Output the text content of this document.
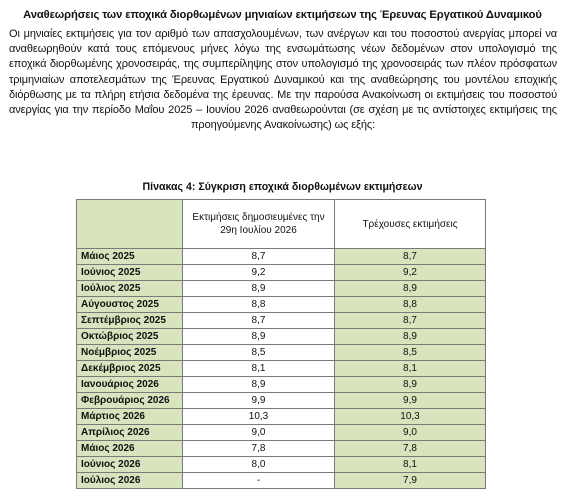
Αναθεωρήσεις των εποχικά διορθωμένων μηνιαίων εκτιμήσεων της Έρευνας Εργατικού Δυναμικού
Οι μηνιαίες εκτιμήσεις για τον αριθμό των απασχολουμένων, των ανέργων και του ποσοστού ανεργίας μπορεί να αναθεωρηθούν κατά τους επόμενους μήνες λόγω της ενσωμάτωσης νέων δεδομένων στον υπολογισμό της εποχικά διορθωμένης χρονοσειράς, της συμπερίληψης στον υπολογισμό της χρονοσειράς των πλέον πρόσφατων τριμηνιαίων αποτελεσμάτων της Έρευνας Εργατικού Δυναμικού και της αναθεώρησης του μοντέλου εποχικής διόρθωσης με τα πλήρη ετήσια δεδομένα της έρευνας. Με την παρούσα Ανακοίνωση οι εκτιμήσεις του ποσοστού ανεργίας για την περίοδο Μαΐου 2025 – Ιουνίου 2026 αναθεωρούνται (σε σχέση με τις αντίστοιχες εκτιμήσεις της προηγούμενης Ανακοίνωσης) ως εξής:
Πίνακας 4: Σύγκριση εποχικά διορθωμένων εκτιμήσεων
	Εκτιμήσεις δημοσιευμένες την 29η Ιουλίου 2026	Τρέχουσες εκτιμήσεις
Μάιος 2025	8,7	8,7
Ιούνιος 2025	9,2	9,2
Ιούλιος 2025	8,9	8,9
Αύγουστος 2025	8,8	8,8
Σεπτέμβριος 2025	8,7	8,7
Οκτώβριος 2025	8,9	8,9
Νοέμβριος 2025	8,5	8,5
Δεκέμβριος 2025	8,1	8,1
Ιανουάριος 2026	8,9	8,9
Φεβρουάριος 2026	9,9	9,9
Μάρτιος 2026	10,3	10,3
Απρίλιος 2026	9,0	9,0
Μάιος 2026	7,8	7,8
Ιούνιος 2026	8,0	8,1
Ιούλιος 2026	-	7,9
